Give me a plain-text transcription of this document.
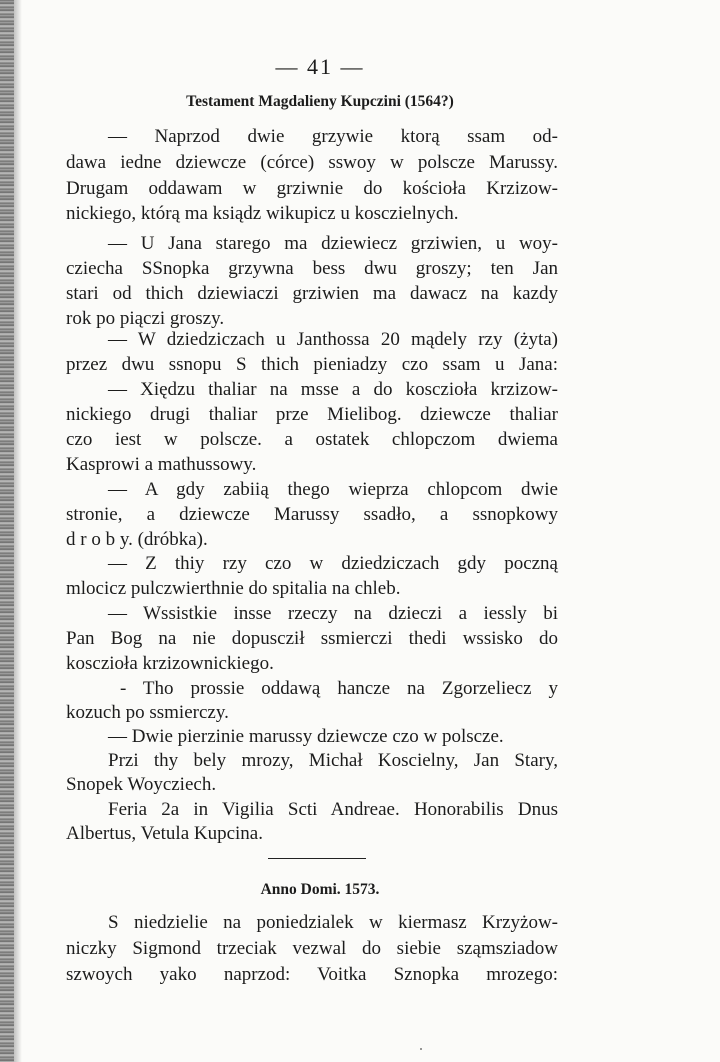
— 41 —
Testament Magdalieny Kupczini (1564?)
— Naprzod dwie grzywie ktorą ssam od-
dawa iedne dziewcze (córce) sswoy w polscze Marussy.
Drugam oddawam w grziwnie do kościoła Krzizow-
nickiego, którą ma ksiądz wikupicz u kosczielnych.
— U Jana starego ma dziewiecz grziwien, u woy-
cziecha SSnopka grzywna bess dwu groszy; ten Jan
stari od thich dziewiaczi grziwien ma dawacz na kazdy
rok po piączi groszy.
— W dziedziczach u Janthossa 20 mądely rzy (żyta)
przez dwu ssnopu S thich pieniadzy czo ssam u Jana:
— Xiędzu thaliar na msse a do kosczioła krzizow-
nickiego drugi thaliar prze Mielibog. dziewcze thaliar
czo iest w polscze. a ostatek chlopczom dwiema
Kasprowi a mathussowy.
— A gdy zabiią thego wieprza chlopcom dwie
stronie, a dziewcze Marussy ssadło, a ssnopkowy
d r o b y. (dróbka).
— Z thiy rzy czo w dziedziczach gdy poczną
mlocicz pulczwierthnie do spitalia na chleb.
— Wssistkie insse rzeczy na dzieczi a iessly bi
Pan Bog na nie dopuscził ssmierczi thedi wssisko do
kosczioła krzizownickiego.
- Tho prossie oddawą hancze na Zgorzeliecz y
kozuch po ssmierczy.
— Dwie pierzinie marussy dziewcze czo w polscze.
Przi thy bely mrozy, Michał Koscielny, Jan Stary,
Snopek Woycziech.
Feria 2a in Vigilia Scti Andreae. Honorabilis Dnus
Albertus, Vetula Kupcina.
Anno Domi. 1573.
S niedzielie na poniedzialek w kiermasz Krzyżow-
niczky Sigmond trzeciak vezwal do siebie sząmsziadow
szwoych yako naprzod: Voitka Sznopka mrozego:
